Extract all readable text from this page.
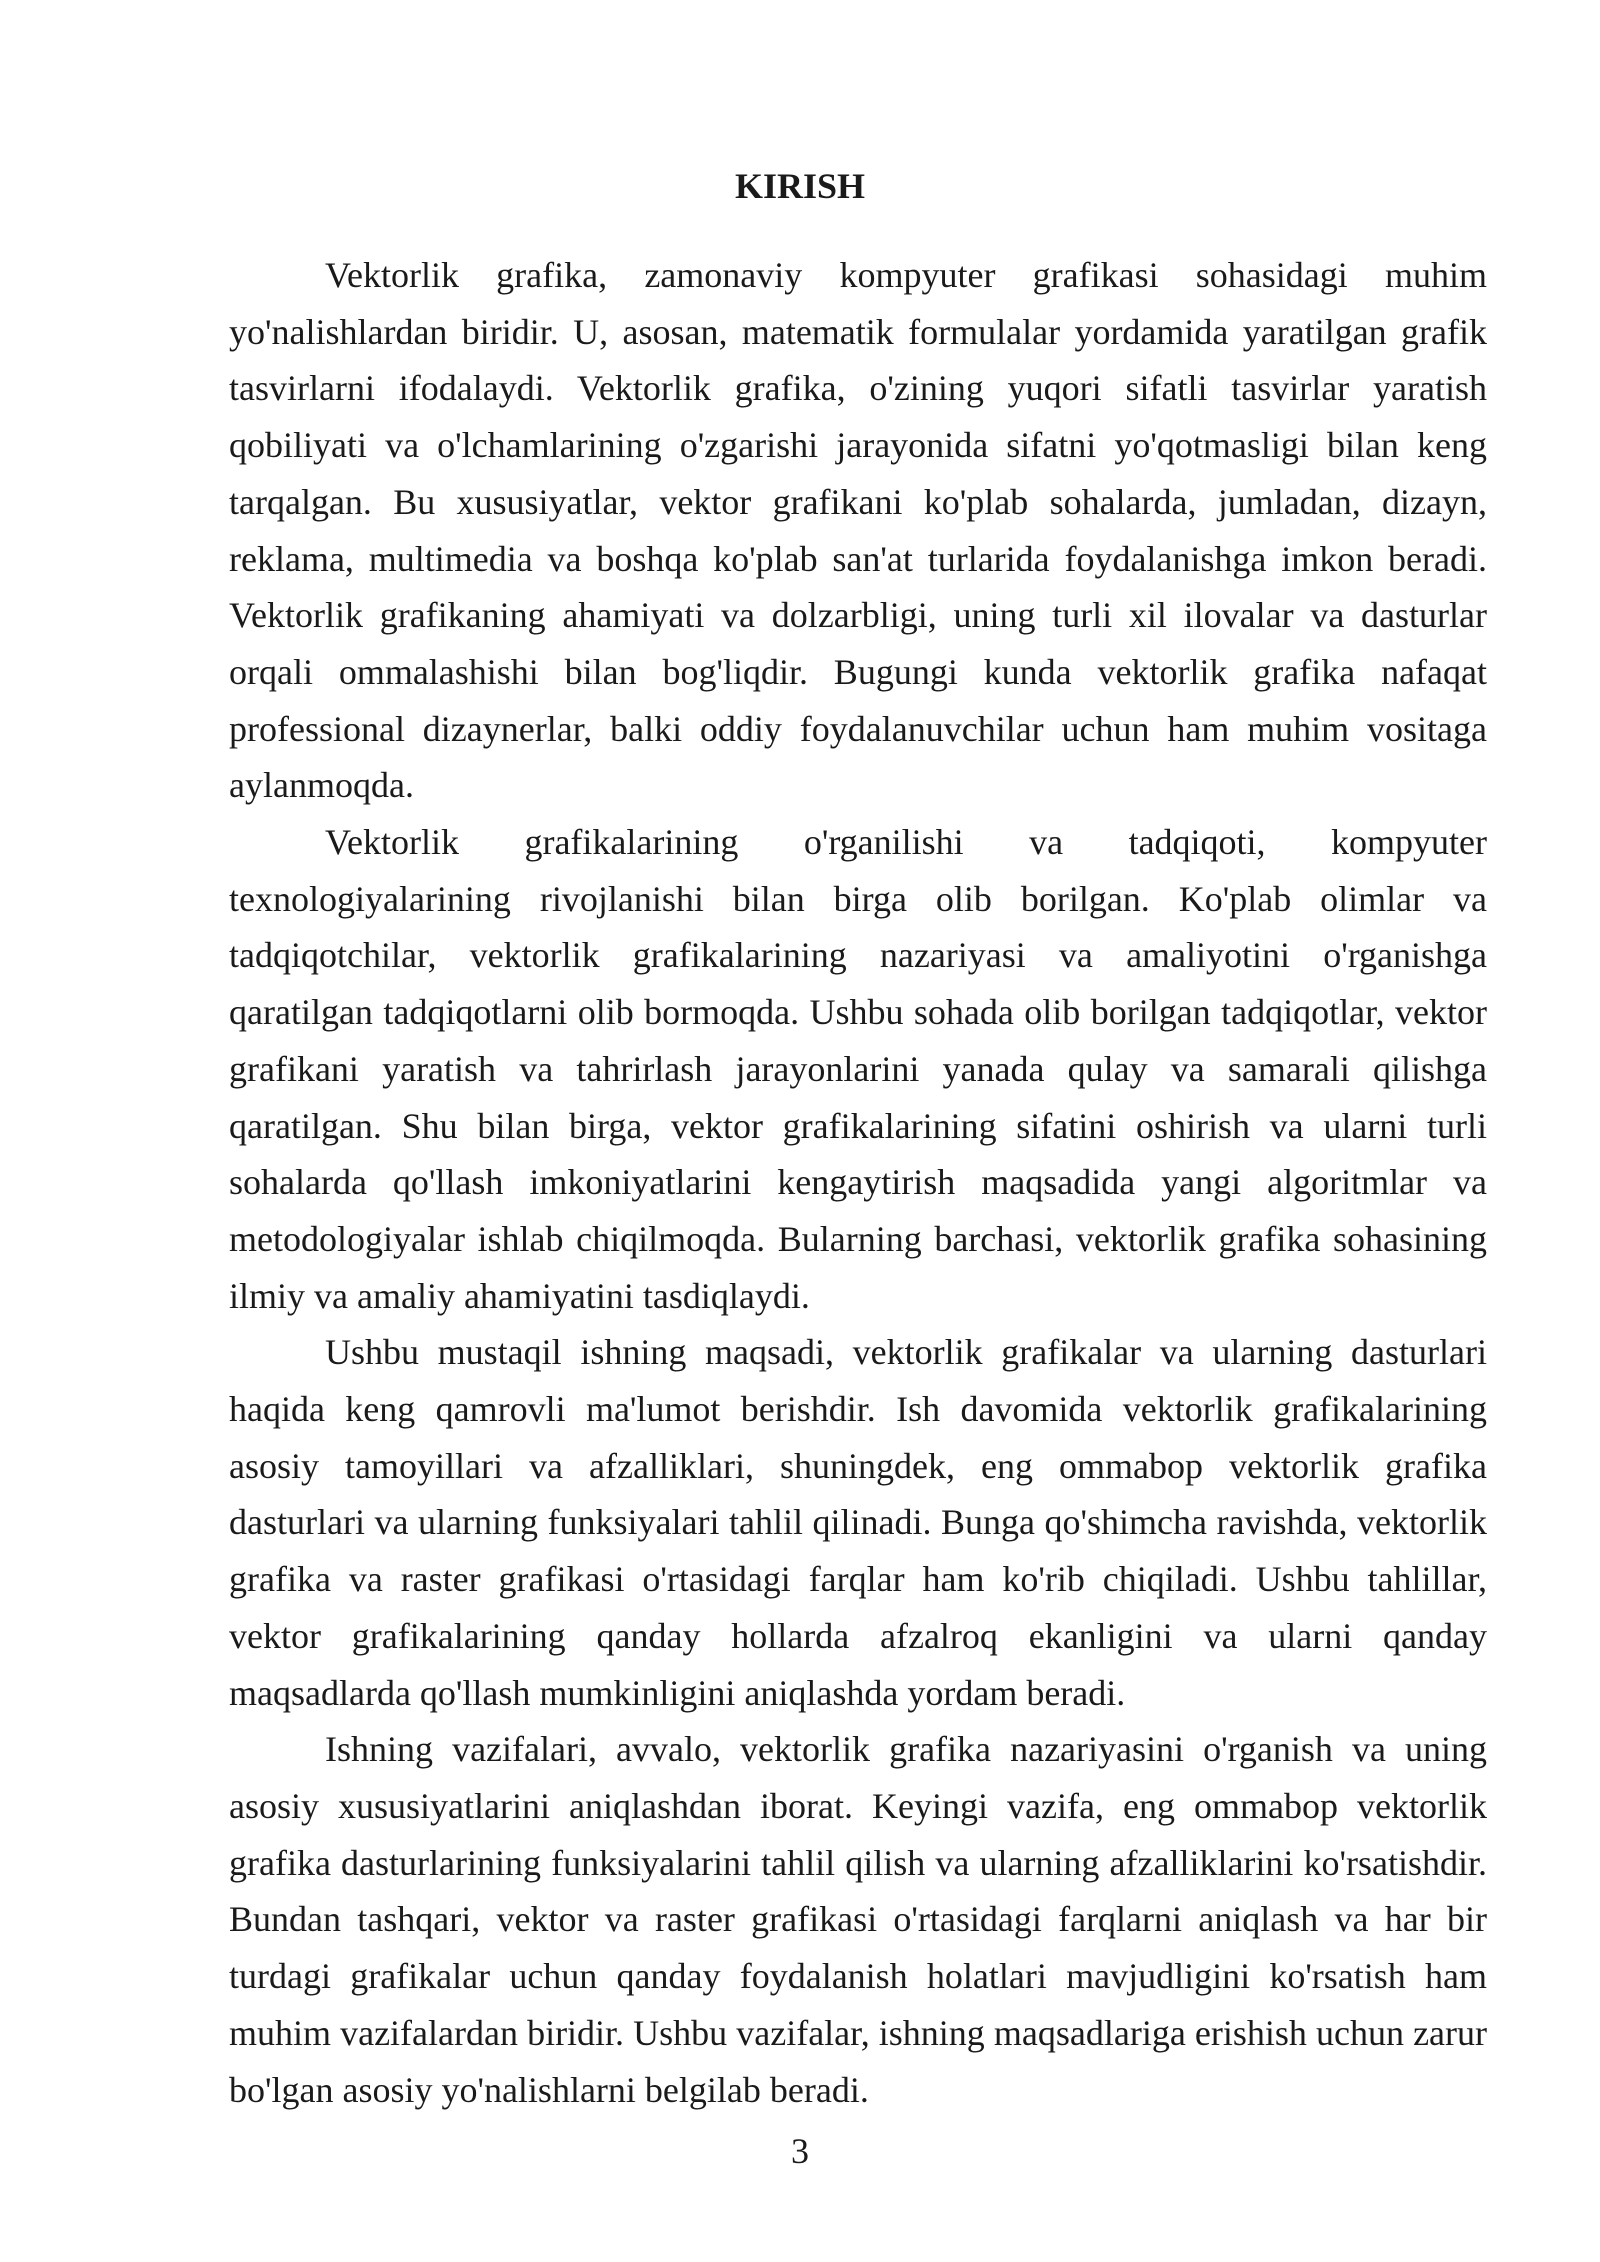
KIRISH

Vektorlik grafika, zamonaviy kompyuter grafikasi sohasidagi muhim yo'nalishlardan biridir. U, asosan, matematik formulalar yordamida yaratilgan grafik tasvirlarni ifodalaydi. Vektorlik grafika, o'zining yuqori sifatli tasvirlar yaratish qobiliyati va o'lchamlarining o'zgarishi jarayonida sifatni yo'qotmasligi bilan keng tarqalgan. Bu xususiyatlar, vektor grafikani ko'plab sohalarda, jumladan, dizayn, reklama, multimedia va boshqa ko'plab san'at turlarida foydalanishga imkon beradi. Vektorlik grafikaning ahamiyati va dolzarbligi, uning turli xil ilovalar va dasturlar orqali ommalashishi bilan bog'liqdir. Bugungi kunda vektorlik grafika nafaqat professional dizaynerlar, balki oddiy foydalanuvchilar uchun ham muhim vositaga aylanmoqda.

Vektorlik grafikalarining o'rganilishi va tadqiqoti, kompyuter texnologiyalarining rivojlanishi bilan birga olib borilgan. Ko'plab olimlar va tadqiqotchilar, vektorlik grafikalarining nazariyasi va amaliyotini o'rganishga qaratilgan tadqiqotlarni olib bormoqda. Ushbu sohada olib borilgan tadqiqotlar, vektor grafikani yaratish va tahrirlash jarayonlarini yanada qulay va samarali qilishga qaratilgan. Shu bilan birga, vektor grafikalarining sifatini oshirish va ularni turli sohalarda qo'llash imkoniyatlarini kengaytirish maqsadida yangi algoritmlar va metodologiyalar ishlab chiqilmoqda. Bularning barchasi, vektorlik grafika sohasining ilmiy va amaliy ahamiyatini tasdiqlaydi.

Ushbu mustaqil ishning maqsadi, vektorlik grafikalar va ularning dasturlari haqida keng qamrovli ma'lumot berishdir. Ish davomida vektorlik grafikalarining asosiy tamoyillari va afzalliklari, shuningdek, eng ommabop vektorlik grafika dasturlari va ularning funksiyalari tahlil qilinadi. Bunga qo'shimcha ravishda, vektorlik grafika va raster grafikasi o'rtasidagi farqlar ham ko'rib chiqiladi. Ushbu tahlillar, vektor grafikalarining qanday hollarda afzalroq ekanligini va ularni qanday maqsadlarda qo'llash mumkinligini aniqlashda yordam beradi.

Ishning vazifalari, avvalo, vektorlik grafika nazariyasini o'rganish va uning asosiy xususiyatlarini aniqlashdan iborat. Keyingi vazifa, eng ommabop vektorlik grafika dasturlarining funksiyalarini tahlil qilish va ularning afzalliklarini ko'rsatishdir. Bundan tashqari, vektor va raster grafikasi o'rtasidagi farqlarni aniqlash va har bir turdagi grafikalar uchun qanday foydalanish holatlari mavjudligini ko'rsatish ham muhim vazifalardan biridir. Ushbu vazifalar, ishning maqsadlariga erishish uchun zarur bo'lgan asosiy yo'nalishlarni belgilab beradi.

3
